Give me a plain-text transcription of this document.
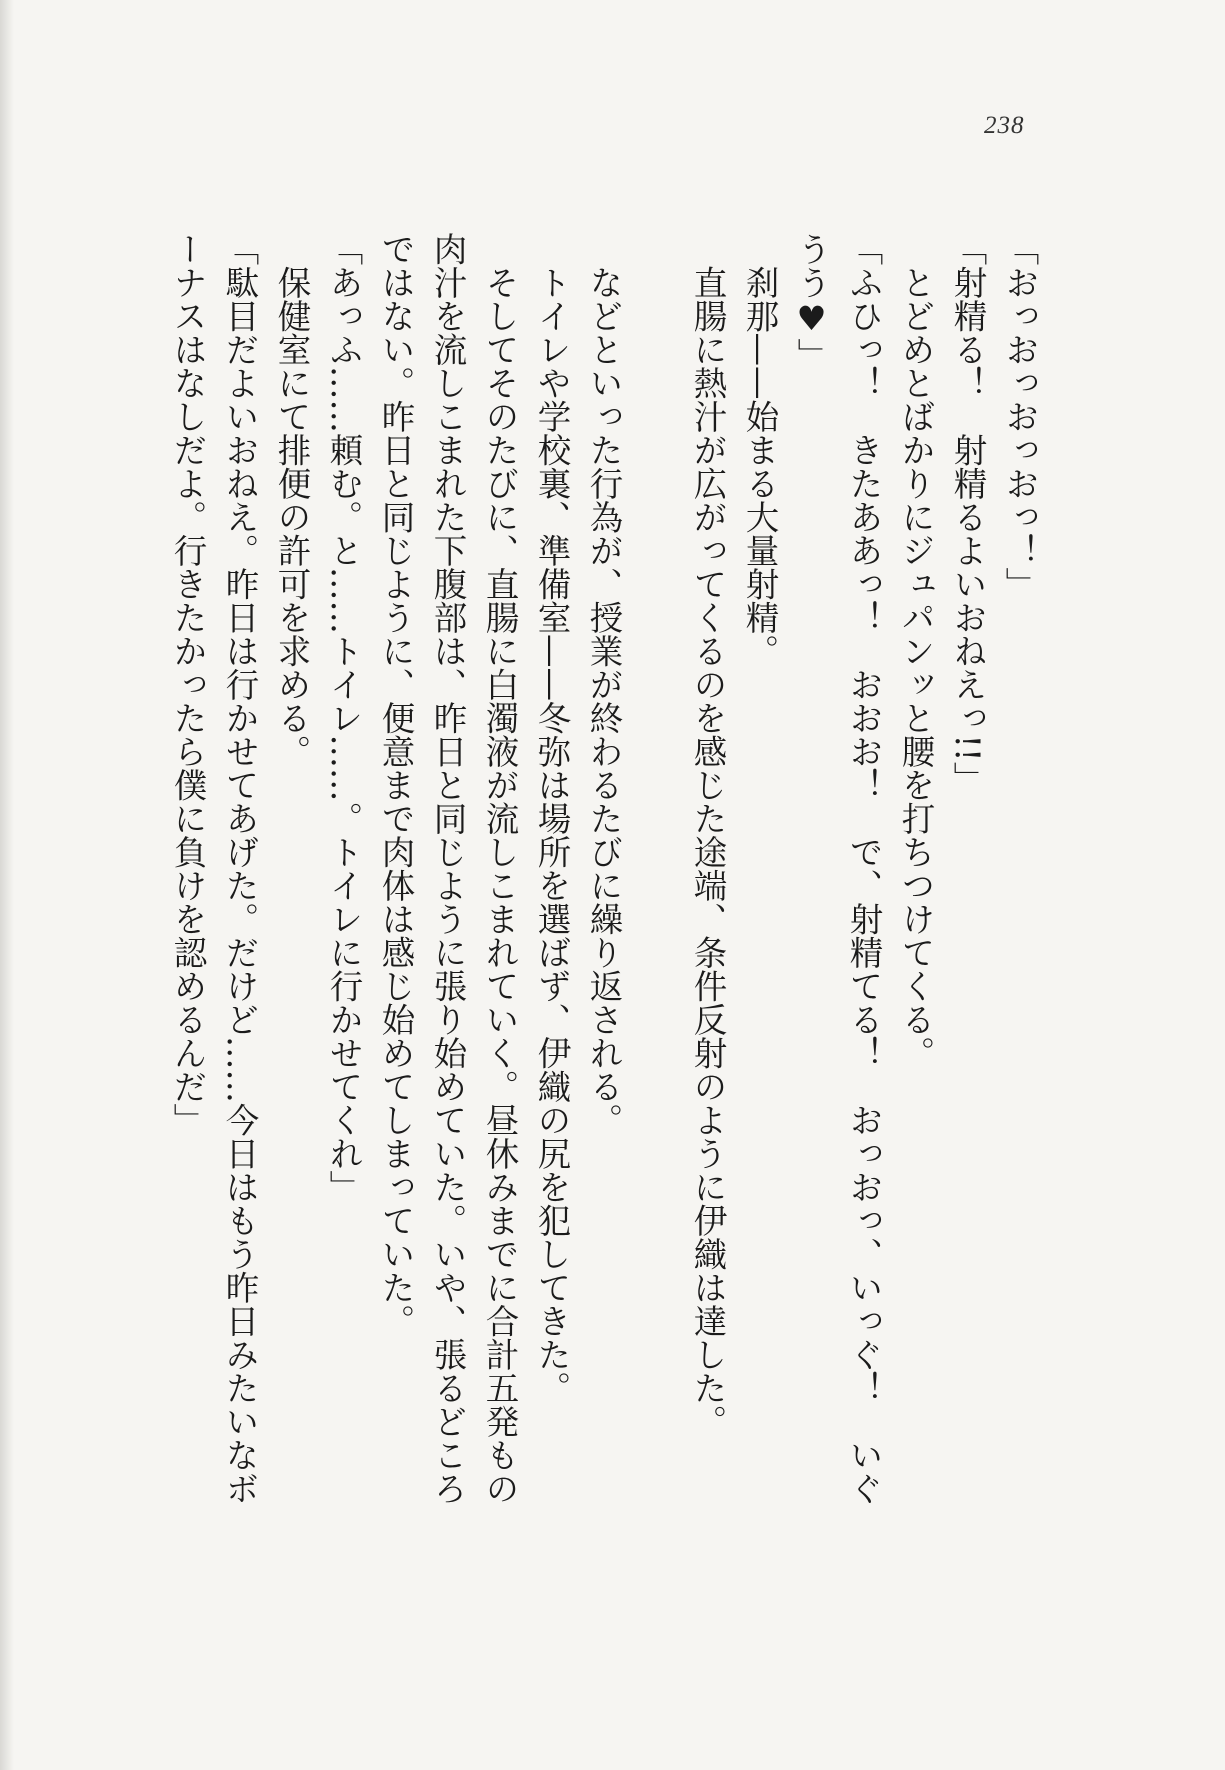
238
「おっおっおっおっ！」
「射精る！　射精るよいおねえっ!!」
　とどめとばかりにジュパンッと腰を打ちつけてくる。
「ふひっ！　きたああっ！　おおお！　で、射精てる！　おっおっ、いっぐ！　いぐ
うう♥」
　刹那——始まる大量射精。
　直腸に熱汁が広がってくるのを感じた途端、条件反射のように伊織は達した。
　などといった行為が、授業が終わるたびに繰り返される。
　トイレや学校裏、準備室——冬弥は場所を選ばず、伊織の尻を犯してきた。
　そしてそのたびに、直腸に白濁液が流しこまれていく。昼休みまでに合計五発もの
肉汁を流しこまれた下腹部は、昨日と同じように張り始めていた。いや、張るどころ
ではない。昨日と同じように、便意まで肉体は感じ始めてしまっていた。
「あっふ……頼む。と……トイレ……。トイレに行かせてくれ」
　保健室にて排便の許可を求める。
「駄目だよいおねえ。昨日は行かせてあげた。だけど……今日はもう昨日みたいなボ
ーナスはなしだよ。行きたかったら僕に負けを認めるんだ」
